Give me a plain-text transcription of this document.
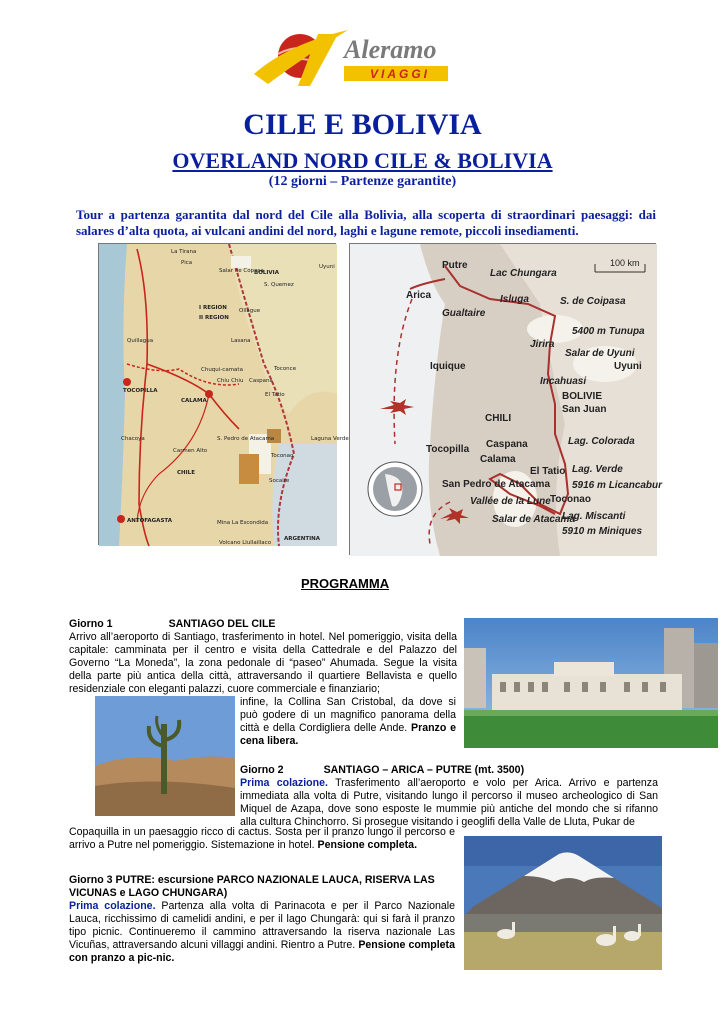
Aleramo
VIAGGI
CILE E BOLIVIA
OVERLAND NORD CILE & BOLIVIA
(12 giorni – Partenze garantite)
Tour a partenza garantita dal nord del Cile alla Bolivia, alla scoperta di straordinari paesaggi: dai salares d’alta quota, ai vulcani andini del nord, laghi e lagune remote, piccoli insediamenti.
La Tirana
Pica
Salar de Coposa
BOLIVIA
Uyuni
S. Quemez
Ollague
Quillagua
Chuqui-camata
TOCOPILLA
Lasana
Chiu Chiu Caspana
Toconce
CALAMA
El Tatio
S. Pedro de Atacama
Chacoya
Carmen Alto
Laguna Verde
CHILE
Toconao
Socaire
ANTOFAGASTA
ARGENTINA
Mina La Escondida
Volcano Llullaillaco
I REGION
II REGION
100 km
Putre
Lac Chungara
Arica	Isluga
Gualtaire
S. de Coipasa
5400 m Tunupa
Jirira
Salar de Uyuni
Uyuni
Iquique
Incahuasi
BOLIVIE
San Juan
CHILI
Tocopilla Caspana
Calama
Lag. Colorada
El Tatio Lag. Verde
San Pedro de Atacama 5916 m Licancabur
Vallée de la Lune Toconao
Salar de Atacama
Lag. Miscanti
5910 m Miniques
PROGRAMMA
Giorno 1	SANTIAGO DEL CILE
Arrivo all’aeroporto di Santiago, trasferimento in hotel. Nel pomeriggio, visita della capitale: camminata per il centro e visita della Cattedrale e del Palazzo del Governo “La Moneda”, la zona pedonale di “paseo” Ahumada. Segue la visita della parte più antica della città, attraversando il quartiere Bellavista e quello residenziale con eleganti palazzi, cuore commerciale e finanziario;
infine, la Collina San Cristobal, da dove si può godere di un magnifico panorama della città e della Cordigliera delle Ande. Pranzo e cena libera.
Giorno 2	SANTIAGO – ARICA – PUTRE (mt. 3500)
Prima colazione. Trasferimento all’aeroporto e volo per Arica. Arrivo e partenza immediata alla volta di Putre, visitando lungo il percorso il museo archeologico di San Miquel de Azapa, dove sono esposte le mummie più antiche del mondo che si rifanno alla cultura Chinchorro. Si prosegue visitando i geoglifi della Valle de Lluta, Pukar de
Copaquilla in un paesaggio ricco di cactus. Sosta per il pranzo lungo il percorso e arrivo a Putre nel pomeriggio. Sistemazione in hotel. Pensione completa.
Giorno 3 PUTRE: escursione PARCO NAZIONALE LAUCA, RISERVA LAS VICUNAS e LAGO CHUNGARA)
Prima colazione. Partenza alla volta di Parinacota e per il Parco Nazionale Lauca, ricchissimo di camelidi andini, e per il lago Chungarà: qui si farà il pranzo tipo picnic. Continueremo il cammino attraversando la riserva nazionale Las Vicuñas, attraversando alcuni villaggi andini. Rientro a Putre. Pensione completa con pranzo a pic-nic.
